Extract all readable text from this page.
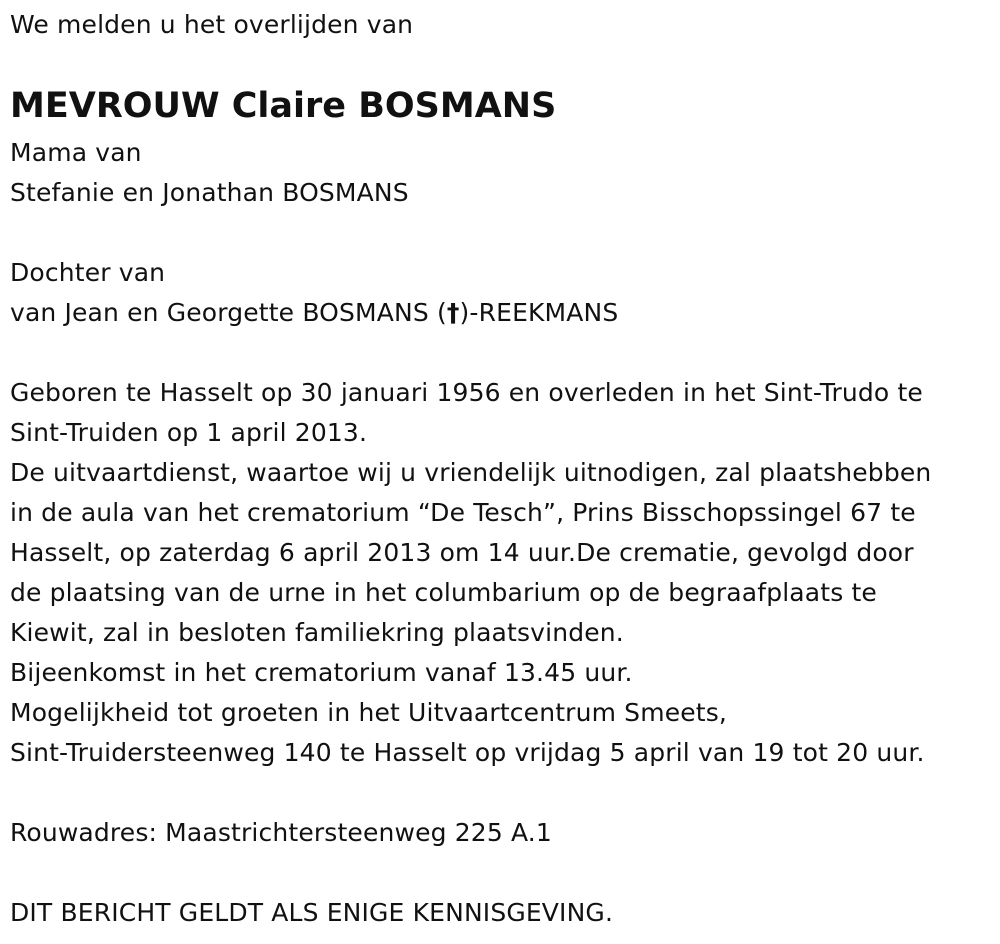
We melden u het overlijden van
MEVROUW Claire BOSMANS
Mama van
Stefanie en Jonathan BOSMANS
Dochter van
van Jean en Georgette BOSMANS (†)-REEKMANS
Geboren te Hasselt op 30 januari 1956 en overleden in het Sint-Trudo te
Sint-Truiden op 1 april 2013.
De uitvaartdienst, waartoe wij u vriendelijk uitnodigen, zal plaatshebben
in de aula van het crematorium “De Tesch”, Prins Bisschopssingel 67 te
Hasselt, op zaterdag 6 april 2013 om 14 uur.De crematie, gevolgd door
de plaatsing van de urne in het columbarium op de begraafplaats te
Kiewit, zal in besloten familiekring plaatsvinden.
Bijeenkomst in het crematorium vanaf 13.45 uur.
Mogelijkheid tot groeten in het Uitvaartcentrum Smeets,
Sint-Truidersteenweg 140 te Hasselt op vrijdag 5 april van 19 tot 20 uur.
Rouwadres: Maastrichtersteenweg 225 A.1
DIT BERICHT GELDT ALS ENIGE KENNISGEVING.
